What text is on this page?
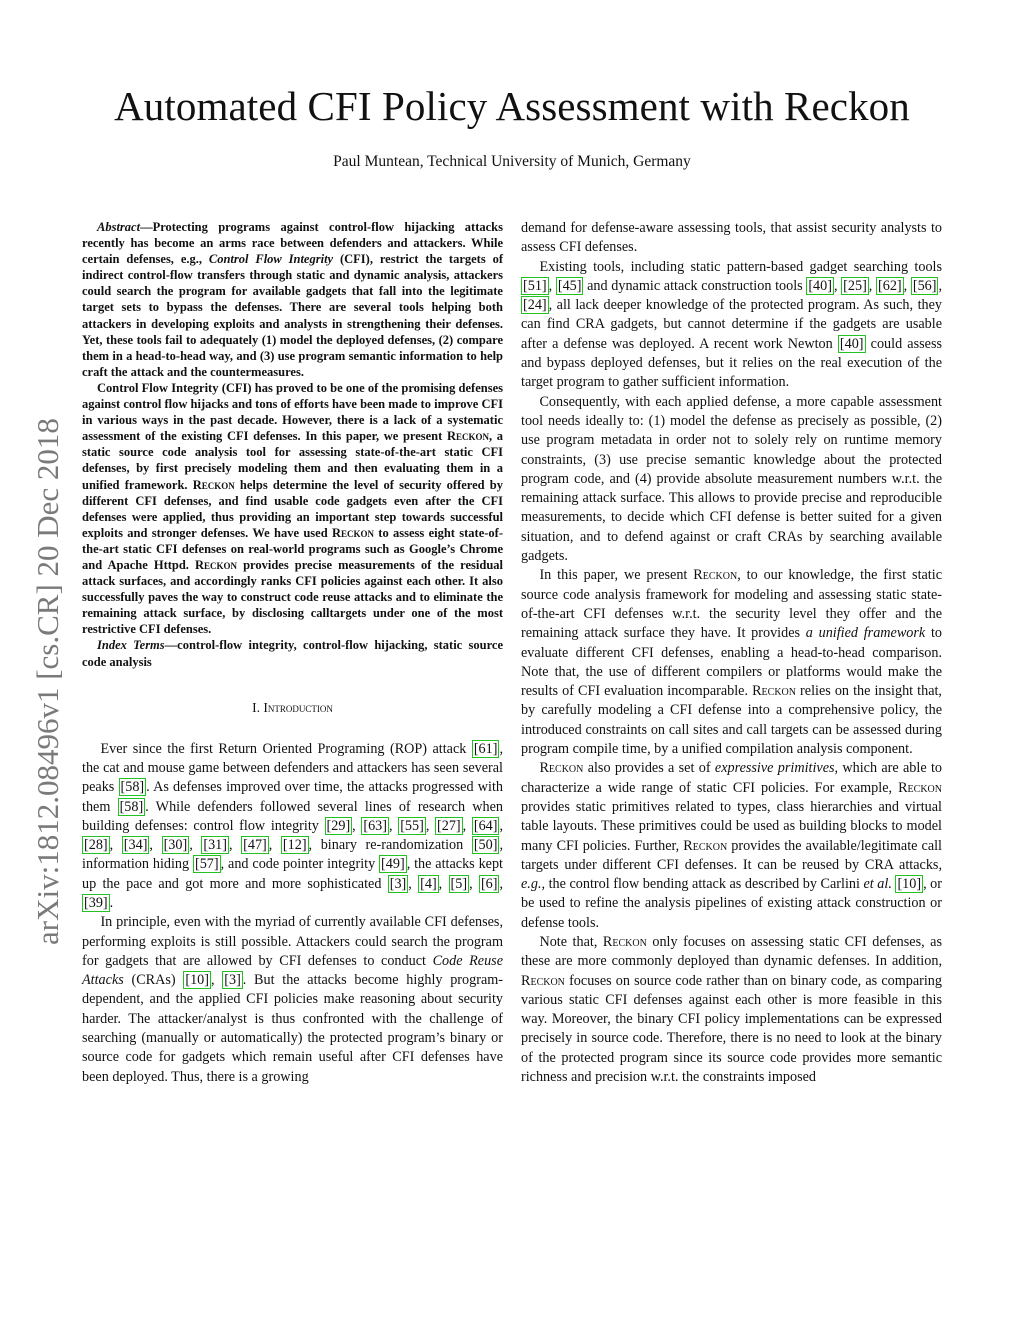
Automated CFI Policy Assessment with Reckon
Paul Muntean, Technical University of Munich, Germany
arXiv:1812.08496v1 [cs.CR] 20 Dec 2018

Abstract—Protecting programs against control-flow hijacking attacks recently has become an arms race between defenders and attackers. While certain defenses, e.g., Control Flow Integrity (CFI), restrict the targets of indirect control-flow transfers through static and dynamic analysis, attackers could search the program for available gadgets that fall into the legitimate target sets to bypass the defenses. There are several tools helping both attackers in developing exploits and analysts in strengthening their defenses. Yet, these tools fail to adequately (1) model the deployed defenses, (2) compare them in a head-to-head way, and (3) use program semantic information to help craft the attack and the countermeasures.

Control Flow Integrity (CFI) has proved to be one of the promising defenses against control flow hijacks and tons of efforts have been made to improve CFI in various ways in the past decade. However, there is a lack of a systematic assessment of the existing CFI defenses. In this paper, we present Reckon, a static source code analysis tool for assessing state-of-the-art static CFI defenses, by first precisely modeling them and then evaluating them in a unified framework. Reckon helps determine the level of security offered by different CFI defenses, and find usable code gadgets even after the CFI defenses were applied, thus providing an important step towards successful exploits and stronger defenses. We have used Reckon to assess eight state-of-the-art static CFI defenses on real-world programs such as Google’s Chrome and Apache Httpd. Reckon provides precise measurements of the residual attack surfaces, and accordingly ranks CFI policies against each other. It also successfully paves the way to construct code reuse attacks and to eliminate the remaining attack surface, by disclosing calltargets under one of the most restrictive CFI defenses.

Index Terms—control-flow integrity, control-flow hijacking, static source code analysis

I. Introduction

Ever since the first Return Oriented Programing (ROP) attack [61] , the cat and mouse game between defenders and attackers has seen several peaks [58] . As defenses improved over time, the attacks progressed with them [58] . While defenders followed several lines of research when building defenses: control flow integrity [29] , [63] , [55] , [27] , [64] , [28] , [34] , [30] , [31] , [47] , [12] , binary re-randomization [50] , information hiding [57] , and code pointer integrity [49] , the attacks kept up the pace and got more and more sophisticated [3] , [4] , [5] , [6] , [39] .

In principle, even with the myriad of currently available CFI defenses, performing exploits is still possible. Attackers could search the program for gadgets that are allowed by CFI defenses to conduct Code Reuse Attacks (CRAs) [10] , [3] . But the attacks become highly program-dependent, and the applied CFI policies make reasoning about security harder. The attacker/analyst is thus confronted with the challenge of searching (manually or automatically) the protected program’s binary or source code for gadgets which remain useful after CFI defenses have been deployed. Thus, there is a growing

demand for defense-aware assessing tools, that assist security analysts to assess CFI defenses.

Existing tools, including static pattern-based gadget searching tools [51] , [45] and dynamic attack construction tools [40] , [25] , [62] , [56] , [24] , all lack deeper knowledge of the protected program. As such, they can find CRA gadgets, but cannot determine if the gadgets are usable after a defense was deployed. A recent work Newton [40] could assess and bypass deployed defenses, but it relies on the real execution of the target program to gather sufficient information.

Consequently, with each applied defense, a more capable assessment tool needs ideally to: (1) model the defense as precisely as possible, (2) use program metadata in order not to solely rely on runtime memory constraints, (3) use precise semantic knowledge about the protected program code, and (4) provide absolute measurement numbers w.r.t. the remaining attack surface. This allows to provide precise and reproducible measurements, to decide which CFI defense is better suited for a given situation, and to defend against or craft CRAs by searching available gadgets.

In this paper, we present Reckon, to our knowledge, the first static source code analysis framework for modeling and assessing static state-of-the-art CFI defenses w.r.t. the security level they offer and the remaining attack surface they have. It provides a unified framework to evaluate different CFI defenses, enabling a head-to-head comparison. Note that, the use of different compilers or platforms would make the results of CFI evaluation incomparable. Reckon relies on the insight that, by carefully modeling a CFI defense into a comprehensive policy, the introduced constraints on call sites and call targets can be assessed during program compile time, by a unified compilation analysis component.

Reckon also provides a set of expressive primitives, which are able to characterize a wide range of static CFI policies. For example, Reckon provides static primitives related to types, class hierarchies and virtual table layouts. These primitives could be used as building blocks to model many CFI policies. Further, Reckon provides the available/legitimate call targets under different CFI defenses. It can be reused by CRA attacks, e.g., the control flow bending attack as described by Carlini et al. [10] , or be used to refine the analysis pipelines of existing attack construction or defense tools.

Note that, Reckon only focuses on assessing static CFI defenses, as these are more commonly deployed than dynamic defenses. In addition, Reckon focuses on source code rather than on binary code, as comparing various static CFI defenses against each other is more feasible in this way. Moreover, the binary CFI policy implementations can be expressed precisely in source code. Therefore, there is no need to look at the binary of the protected program since its source code provides more semantic richness and precision w.r.t. the constraints imposed
